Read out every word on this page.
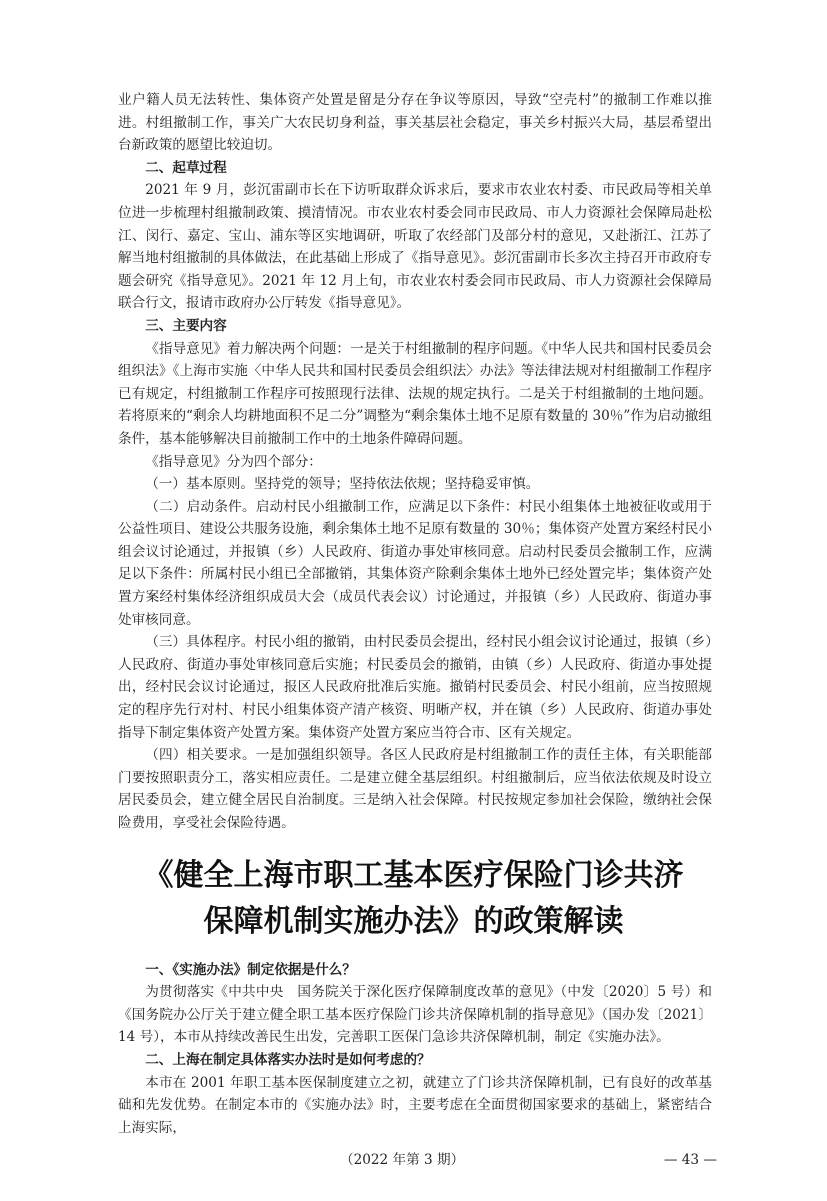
业户籍人员无法转性、集体资产处置是留是分存在争议等原因，导致“空壳村”的撤制工作难以推进。村组撤制工作，事关广大农民切身利益，事关基层社会稳定，事关乡村振兴大局，基层希望出台新政策的愿望比较迫切。

二、起草过程

2021 年 9 月，彭沉雷副市长在下访听取群众诉求后，要求市农业农村委、市民政局等相关单位进一步梳理村组撤制政策、摸清情况。市农业农村委会同市民政局、市人力资源社会保障局赴松江、闵行、嘉定、宝山、浦东等区实地调研，听取了农经部门及部分村的意见，又赴浙江、江苏了解当地村组撤制的具体做法，在此基础上形成了《指导意见》。彭沉雷副市长多次主持召开市政府专题会研究《指导意见》。2021 年 12 月上旬，市农业农村委会同市民政局、市人力资源社会保障局联合行文，报请市政府办公厅转发《指导意见》。

三、主要内容

《指导意见》着力解决两个问题：一是关于村组撤制的程序问题。《中华人民共和国村民委员会组织法》《上海市实施〈中华人民共和国村民委员会组织法〉办法》等法律法规对村组撤制工作程序已有规定，村组撤制工作程序可按照现行法律、法规的规定执行。二是关于村组撤制的土地问题。若将原来的“剩余人均耕地面积不足二分”调整为“剩余集体土地不足原有数量的 30％”作为启动撤组条件，基本能够解决目前撤制工作中的土地条件障碍问题。

《指导意见》分为四个部分：

（一）基本原则。坚持党的领导；坚持依法依规；坚持稳妥审慎。

（二）启动条件。启动村民小组撤制工作，应满足以下条件：村民小组集体土地被征收或用于公益性项目、建设公共服务设施，剩余集体土地不足原有数量的 30％；集体资产处置方案经村民小组会议讨论通过，并报镇（乡）人民政府、街道办事处审核同意。启动村民委员会撤制工作，应满足以下条件：所属村民小组已全部撤销，其集体资产除剩余集体土地外已经处置完毕；集体资产处置方案经村集体经济组织成员大会（成员代表会议）讨论通过，并报镇（乡）人民政府、街道办事处审核同意。

（三）具体程序。村民小组的撤销，由村民委员会提出，经村民小组会议讨论通过，报镇（乡）人民政府、街道办事处审核同意后实施；村民委员会的撤销，由镇（乡）人民政府、街道办事处提出，经村民会议讨论通过，报区人民政府批准后实施。撤销村民委员会、村民小组前，应当按照规定的程序先行对村、村民小组集体资产清产核资、明晰产权，并在镇（乡）人民政府、街道办事处指导下制定集体资产处置方案。集体资产处置方案应当符合市、区有关规定。

（四）相关要求。一是加强组织领导。各区人民政府是村组撤制工作的责任主体，有关职能部门要按照职责分工，落实相应责任。二是建立健全基层组织。村组撤制后，应当依法依规及时设立居民委员会，建立健全居民自治制度。三是纳入社会保障。村民按规定参加社会保险，缴纳社会保险费用，享受社会保险待遇。

《健全上海市职工基本医疗保险门诊共济
保障机制实施办法》的政策解读
一、《实施办法》制定依据是什么？

为贯彻落实《中共中央　国务院关于深化医疗保障制度改革的意见》（中发〔2020〕5 号）和《国务院办公厅关于建立健全职工基本医疗保险门诊共济保障机制的指导意见》（国办发〔2021〕14 号），本市从持续改善民生出发，完善职工医保门急诊共济保障机制，制定《实施办法》。

二、上海在制定具体落实办法时是如何考虑的？

本市在 2001 年职工基本医保制度建立之初，就建立了门诊共济保障机制，已有良好的改革基础和先发优势。在制定本市的《实施办法》时，主要考虑在全面贯彻国家要求的基础上，紧密结合上海实际，

（2022 年第 3 期）	— 43 —
